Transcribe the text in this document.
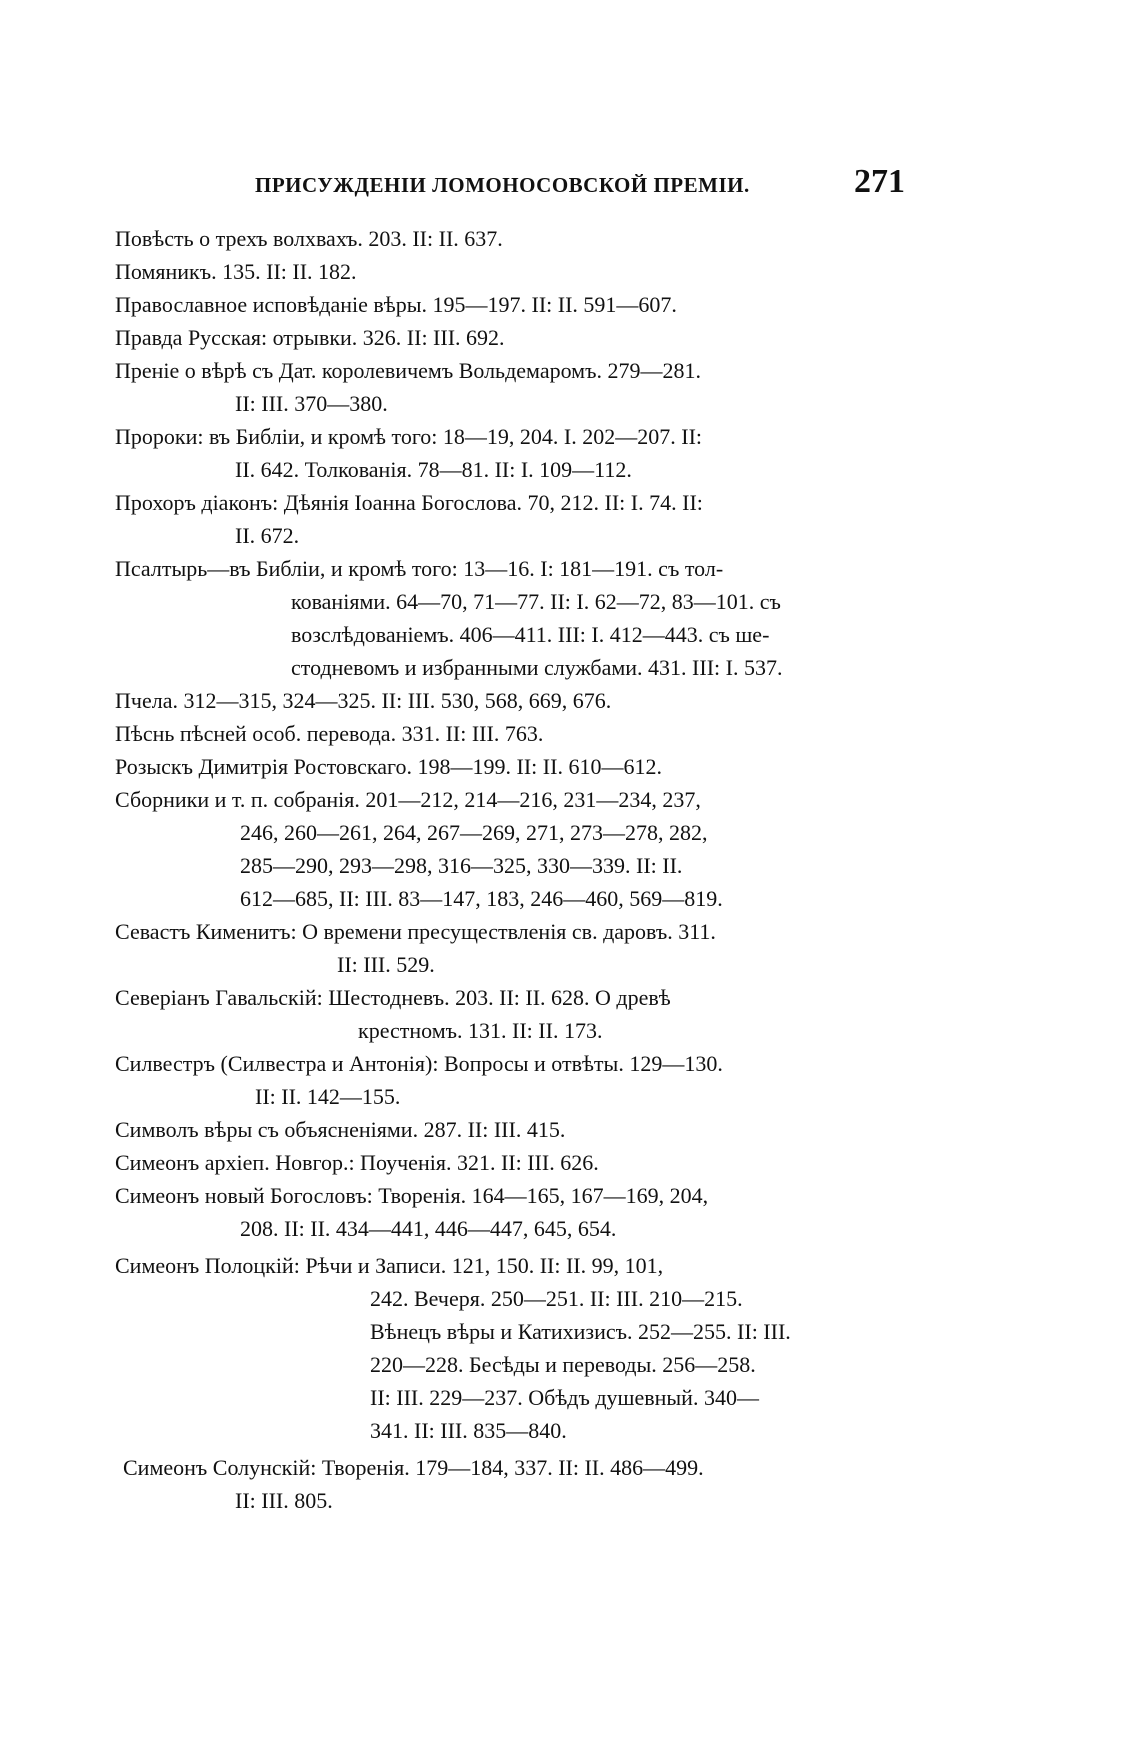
ПРИСУЖДЕНІИ ЛОМОНОСОВСКОЙ ПРЕМІИ.	271
Повѣсть о трехъ волхвахъ. 203. II: II. 637.
Помяникъ. 135. II: II. 182.
Православное исповѣданіе вѣры. 195—197. II: II. 591—607.
Правда Русская: отрывки. 326. II: III. 692.
Преніе о вѣрѣ съ Дат. королевичемъ Вольдемаромъ. 279—281.
II: III. 370—380.
Пророки: въ Библіи, и кромѣ того: 18—19, 204. I. 202—207. II:
II. 642. Толкованія. 78—81. II: I. 109—112.
Прохоръ діаконъ: Дѣянія Іоанна Богослова. 70, 212. II: I. 74. II:
II. 672.
Псалтырь—въ Библіи, и кромѣ того: 13—16. I: 181—191. съ тол-
кованіями. 64—70, 71—77. II: I. 62—72, 83—101. съ
возслѣдованіемъ. 406—411. III: I. 412—443. съ ше-
стодневомъ и избранными службами. 431. III: I. 537.
Пчела. 312—315, 324—325. II: III. 530, 568, 669, 676.
Пѣснь пѣсней особ. перевода. 331. II: III. 763.
Розыскъ Димитрія Ростовскаго. 198—199. II: II. 610—612.
Сборники и т. п. собранія. 201—212, 214—216, 231—234, 237,
246, 260—261, 264, 267—269, 271, 273—278, 282,
285—290, 293—298, 316—325, 330—339. II: II.
612—685, II: III. 83—147, 183, 246—460, 569—819.
Севастъ Кименитъ: О времени пресуществленія св. даровъ. 311.
II: III. 529.
Северіанъ Гавальскій: Шестодневъ. 203. II: II. 628. О древѣ
крестномъ. 131. II: II. 173.
Силвестръ (Силвестра и Антонія): Вопросы и отвѣты. 129—130.
II: II. 142—155.
Символъ вѣры съ объясненіями. 287. II: III. 415.
Симеонъ архіеп. Новгор.: Поученія. 321. II: III. 626.
Симеонъ новый Богословъ: Творенія. 164—165, 167—169, 204,
208. II: II. 434—441, 446—447, 645, 654.
Симеонъ Полоцкій: Рѣчи и Записи. 121, 150. II: II. 99, 101,
242. Вечеря. 250—251. II: III. 210—215.
Вѣнецъ вѣры и Катихизисъ. 252—255. II: III.
220—228. Бесѣды и переводы. 256—258.
II: III. 229—237. Обѣдъ душевный. 340—
341. II: III. 835—840.
Симеонъ Солунскій: Творенія. 179—184, 337. II: II. 486—499.
II: III. 805.
